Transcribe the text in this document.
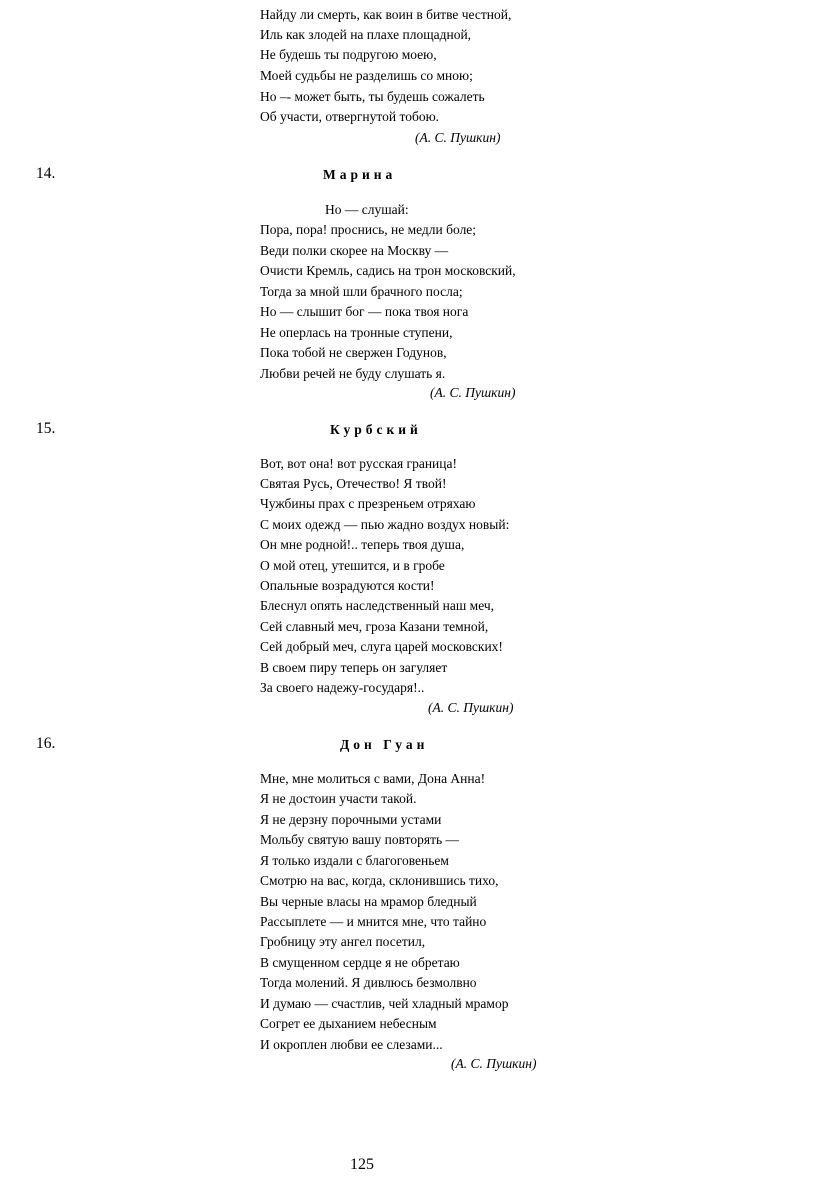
Найду ли смерть, как воин в битве честной,
Иль как злодей на плахе площадной,
Не будешь ты подругою моею,
Моей судьбы не разделишь со мною;
Но –- может быть, ты будешь сожалеть
Об участи, отвергнутой тобою.
(А. С. Пушкин)
14.	Марина
Но — слушай:
Пора, пора! проснись, не медли боле;
Веди полки скорее на Москву —
Очисти Кремль, садись на трон московский,
Тогда за мной шли брачного посла;
Но — слышит бог — пока твоя нога
Не оперлась на тронные ступени,
Пока тобой не свержен Годунов,
Любви речей не буду слушать я.
(А. С. Пушкин)
15.	Курбский
Вот, вот она! вот русская граница!
Святая Русь, Отечество! Я твой!
Чужбины прах с презреньем отряхаю
С моих одежд — пью жадно воздух новый:
Он мне родной!.. теперь твоя душа,
О мой отец, утешится, и в гробе
Опальные возрадуются кости!
Блеснул опять наследственный наш меч,
Сей славный меч, гроза Казани темной,
Сей добрый меч, слуга царей московских!
В своем пиру теперь он загуляет
За своего надежу-государя!..
(А. С. Пушкин)
16.	Дон Гуан
Мне, мне молиться с вами, Дона Анна!
Я не достоин участи такой.
Я не дерзну порочными устами
Мольбу святую вашу повторять —
Я только издали с благоговеньем
Смотрю на вас, когда, склонившись тихо,
Вы черные власы на мрамор бледный
Рассыплете — и мнится мне, что тайно
Гробницу эту ангел посетил,
В смущенном сердце я не обретаю
Тогда молений. Я дивлюсь безмолвно
И думаю — счастлив, чей хладный мрамор
Согрет ее дыханием небесным
И окроплен любви ее слезами...
(А. С. Пушкин)
125
